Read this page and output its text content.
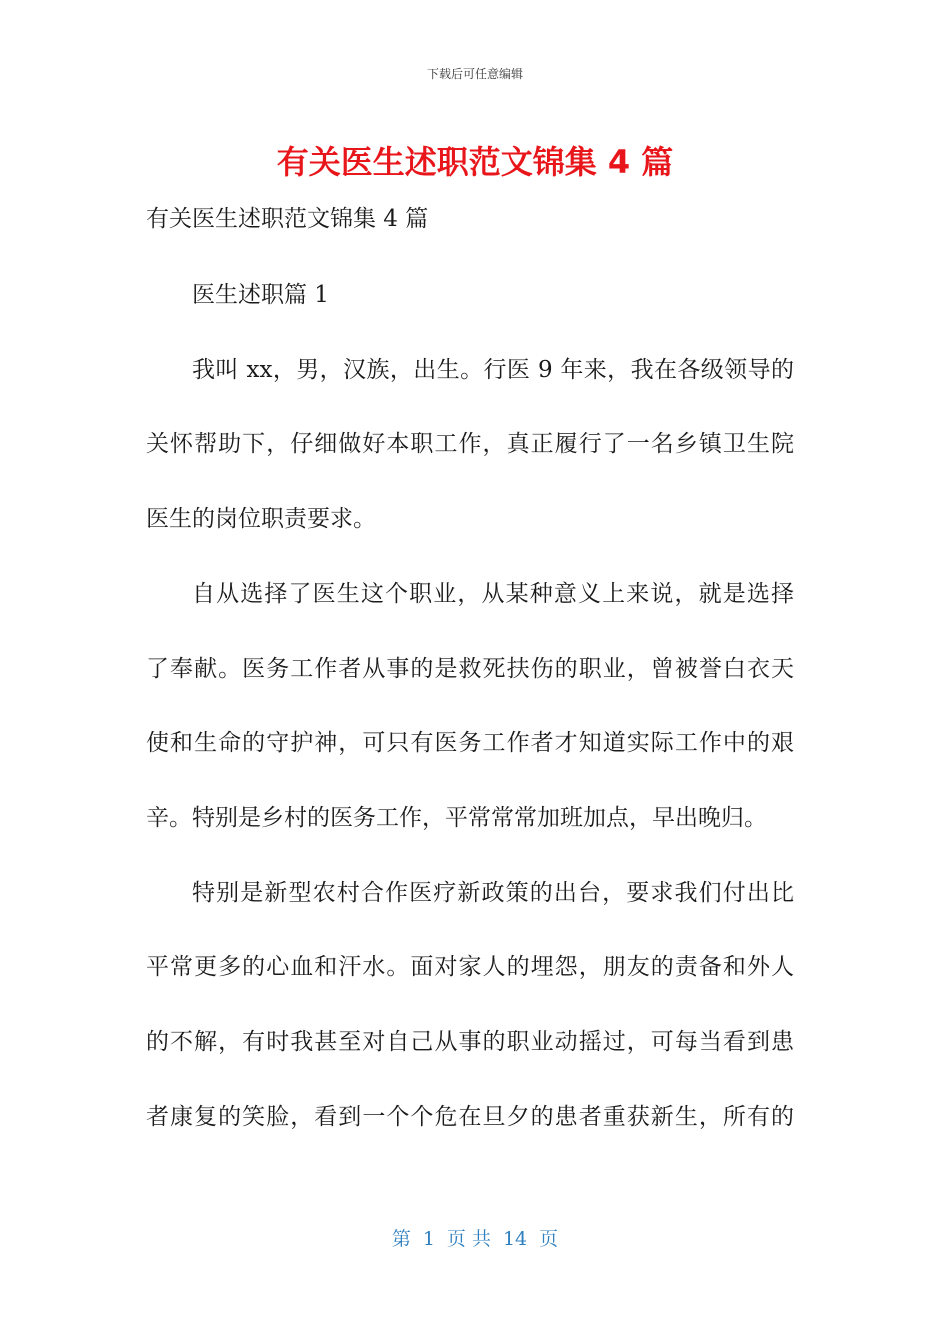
下载后可任意编辑
有关医生述职范文锦集 4 篇
有关医生述职范文锦集 4 篇
医生述职篇 1
我叫 xx，男，汉族，出生。行医 9 年来，我在各级领导的
关怀帮助下，仔细做好本职工作，真正履行了一名乡镇卫生院
医生的岗位职责要求。
自从选择了医生这个职业，从某种意义上来说，就是选择
了奉献。医务工作者从事的是救死扶伤的职业，曾被誉白衣天
使和生命的守护神，可只有医务工作者才知道实际工作中的艰
辛。特别是乡村的医务工作，平常常常加班加点，早出晚归。
特别是新型农村合作医疗新政策的出台，要求我们付出比
平常更多的心血和汗水。面对家人的埋怨，朋友的责备和外人
的不解，有时我甚至对自己从事的职业动摇过，可每当看到患
者康复的笑脸，看到一个个危在旦夕的患者重获新生，所有的
第 1 页 共 14 页
